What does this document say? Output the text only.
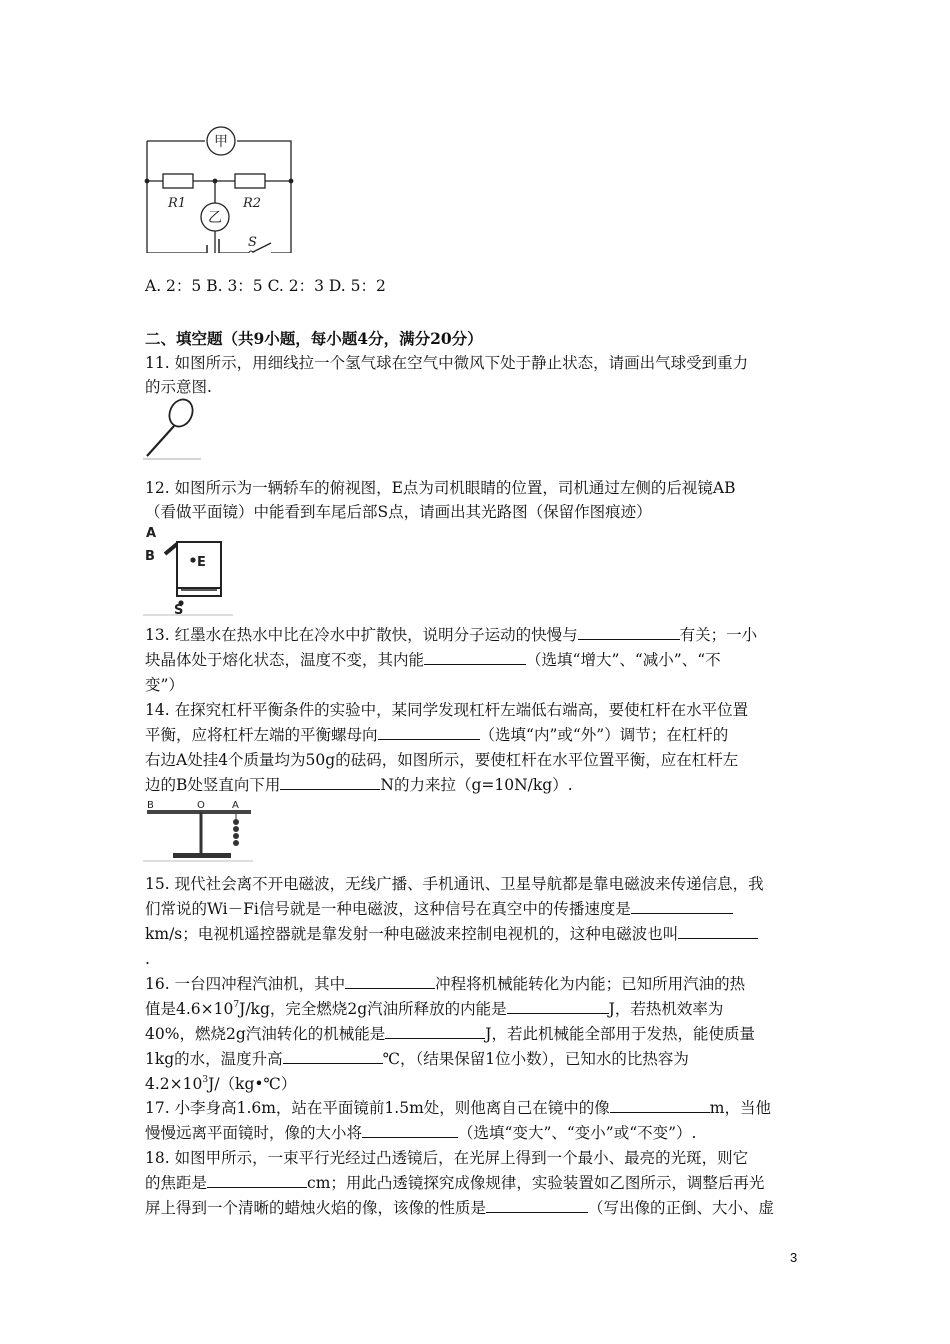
甲
乙
R1	R2
S
A. 2：5 B. 3：5 C. 2：3 D. 5：2
二、填空题（共9小题，每小题4分，满分20分）
11. 如图所示，用细线拉一个氢气球在空气中微风下处于静止状态，请画出气球受到重力
的示意图.
12. 如图所示为一辆轿车的俯视图，E点为司机眼睛的位置，司机通过左侧的后视镜AB
（看做平面镜）中能看到车尾后部S点，请画出其光路图（保留作图痕迹）
A
B	E
S
13. 红墨水在热水中比在冷水中扩散快，说明分子运动的快慢与	有关；一小
块晶体处于熔化状态，温度不变，其内能	（选填“增大”、“减小”、“不
变”）
14. 在探究杠杆平衡条件的实验中，某同学发现杠杆左端低右端高，要使杠杆在水平位置
平衡，应将杠杆左端的平衡螺母向	（选填“内”或“外”）调节；在杠杆的
右边A处挂4个质量均为50g的砝码，如图所示，要使杠杆在水平位置平衡，应在杠杆左
边的B处竖直向下用	N的力来拉（g=10N/kg）.
B	O	A
15. 现代社会离不开电磁波，无线广播、手机通讯、卫星导航都是靠电磁波来传递信息，我
们常说的Wi－Fi信号就是一种电磁波，这种信号在真空中的传播速度是
km/s；电视机遥控器就是靠发射一种电磁波来控制电视机的，这种电磁波也叫
.
16. 一台四冲程汽油机，其中	冲程将机械能转化为内能；已知所用汽油的热
值是$4.6\times 10^7J/kg$，完全燃烧2g汽油所释放的内能是	J，若热机效率为
40%，燃烧2g汽油转化的机械能是	J，若此机械能全部用于发热，能使质量
1kg的水，温度升高	℃，（结果保留1位小数），已知水的比热容为
$4.2\times 10^3J/(kg•℃)$
17. 小李身高1.6m，站在平面镜前1.5m处，则他离自己在镜中的像	m，当他
慢慢远离平面镜时，像的大小将	（选填“变大”、“变小”或“不变”）.
18. 如图甲所示，一束平行光经过凸透镜后，在光屏上得到一个最小、最亮的光斑，则它
的焦距是	cm；用此凸透镜探究成像规律，实验装置如乙图所示，调整后再光
屏上得到一个清晰的蜡烛火焰的像，该像的性质是	（写出像的正倒、大小、虚
3
